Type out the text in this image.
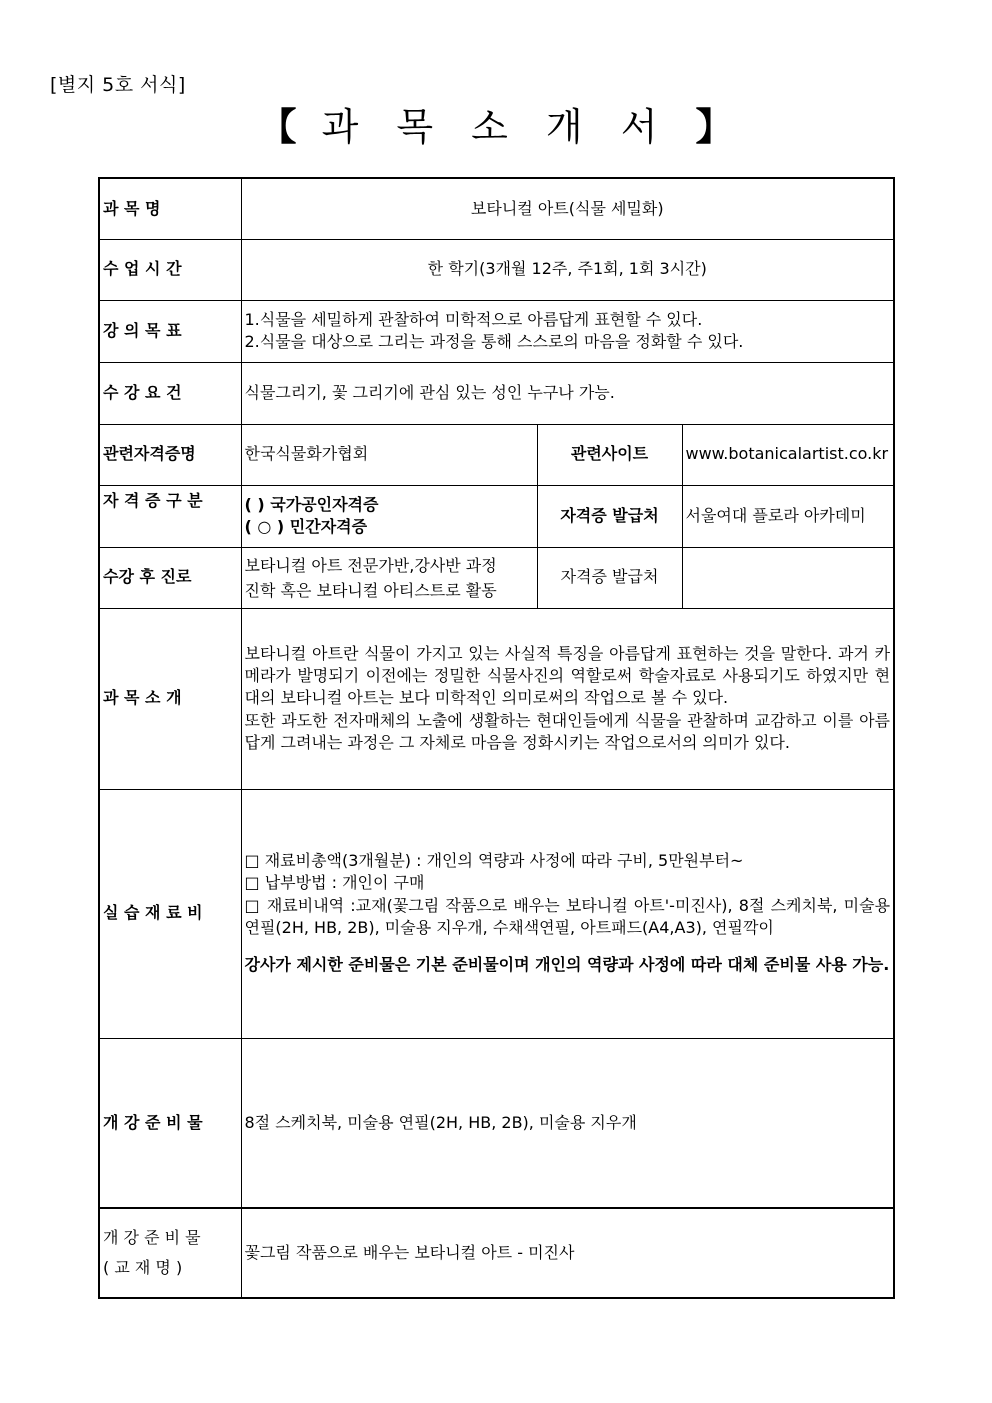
[별지 5호 서식]
【 과 목 소 개 서 】
과 목 명	보타니컬 아트(식물 세밀화)		
수 업 시 간	한 학기(3개월 12주, 주1회, 1회 3시간)		
강 의 목 표	1.식물을 세밀하게 관찰하여 미학적으로 아름답게 표현할 수 있다.
2.식물을 대상으로 그리는 과정을 통해 스스로의 마음을 정화할 수 있다.		

수 강 요 건	식물그리기, 꽃 그리기에 관심 있는 성인 누구나 가능.		
관련자격증명	한국식물화가협회	관련사이트	www.botanicalartist.co.kr
자 격 증 구 분	( ) 국가공인자격증
( ○ ) 민간자격증	자격증 발급처	서울여대 플로라 아카데미
수강 후 진로	보타니컬 아트 전문가반,강사반 과정
진학 혹은 보타니컬 아티스트로 활동	자격증 발급처	
과 목 소 개	보타니컬 아트란 식물이 가지고 있는 사실적 특징을 아름답게 표현하는 것을 말한다. 과거 카메라가 발명되기 이전에는 정밀한 식물사진의 역할로써 학술자료로 사용되기도 하였지만 현대의 보타니컬 아트는 보다 미학적인 의미로써의 작업으로 볼 수 있다.
또한 과도한 전자매체의 노출에 생활하는 현대인들에게 식물을 관찰하며 교감하고 이를 아름답게 그려내는 과정은 그 자체로 마음을 정화시키는 작업으로서의 의미가 있다.		

실 습 재 료 비	□ 재료비총액(3개월분) : 개인의 역량과 사정에 따라 구비, 5만원부터~

□ 납부방법 : 개인이 구매

□ 재료비내역 :교재(꽃그림 작품으로 배우는 보타니컬 아트'-미진사), 8절 스케치북, 미술용 연필(2H, HB, 2B), 미술용 지우개, 수채색연필, 아트패드(A4,A3), 연필깍이

강사가 제시한 준비물은 기본 준비물이며 개인의 역량과 사정에 따라 대체 준비물 사용 가능.		

개 강 준 비 물	8절 스케치북, 미술용 연필(2H, HB, 2B), 미술용 지우개		

개 강 준 비 물
( 교 재 명 )	꽃그림 작품으로 배우는 보타니컬 아트 - 미진사		
